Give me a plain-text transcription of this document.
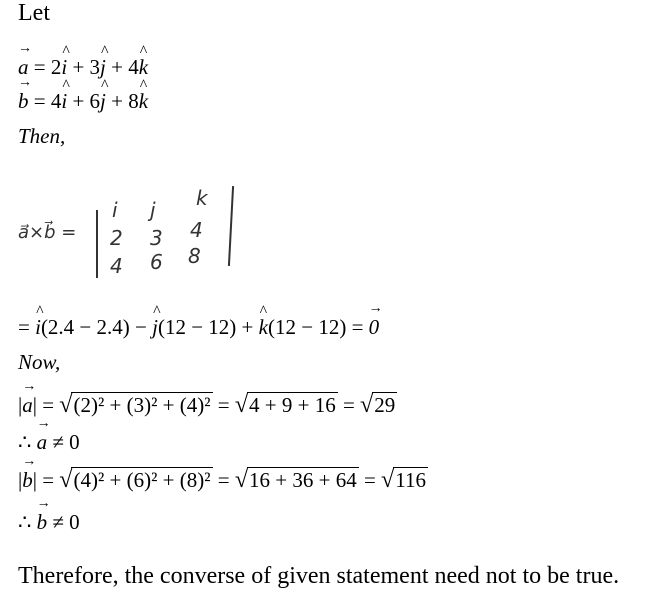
Let
→ a = 2^ i + 3^ j + 4^ k
→ b = 4^ i + 6^ j + 8^ k
Then,
a⃗×b⃗ =
i j k
2 3 4
4 6 8
= ^ i(2.4 − 2.4) − ^ j(12 − 12) + ^ k(12 − 12) = → 0
Now,
|→ a| = √(2)² + (3)² + (4)² = √4 + 9 + 16 = √29
∴ → a ≠ 0
|→ b| = √(4)² + (6)² + (8)² = √16 + 36 + 64 = √116
∴ → b ≠ 0
Therefore, the converse of given statement need not to be true.
